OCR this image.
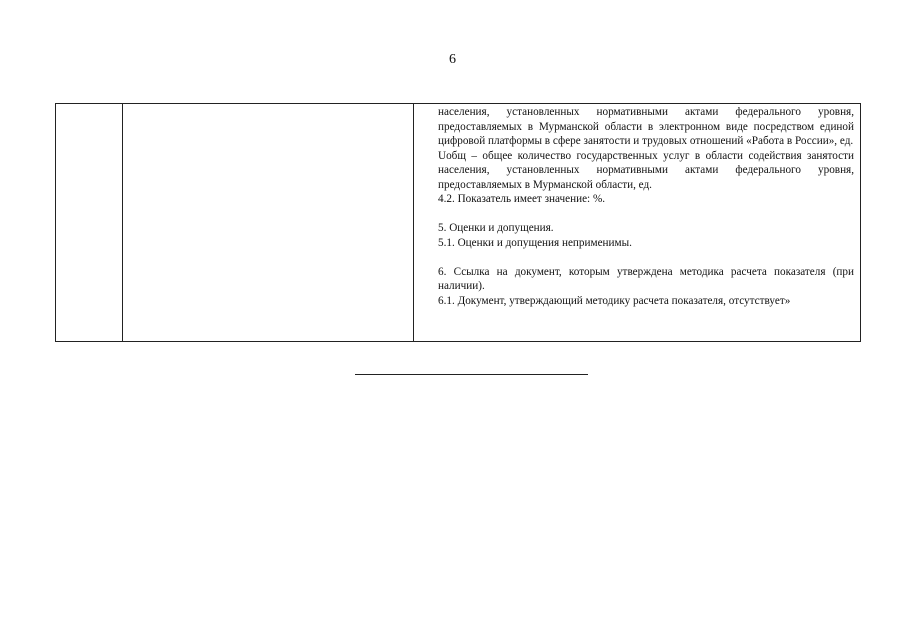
6

населения, установленных нормативными актами федерального уровня, предоставляемых в Мурманской области в электронном виде посредством единой цифровой платформы в сфере занятости и трудовых отношений «Работа в России», ед.

Uобщ – общее количество государственных услуг в области содействия занятости населения, установленных нормативными актами федерального уровня, предоставляемых в Мурманской области, ед.

4.2. Показатель имеет значение: %.

5. Оценки и допущения.

5.1. Оценки и допущения неприменимы.

6. Ссылка на документ, которым утверждена методика расчета показателя (при наличии).

6.1. Документ, утверждающий методику расчета показателя, отсутствует»
